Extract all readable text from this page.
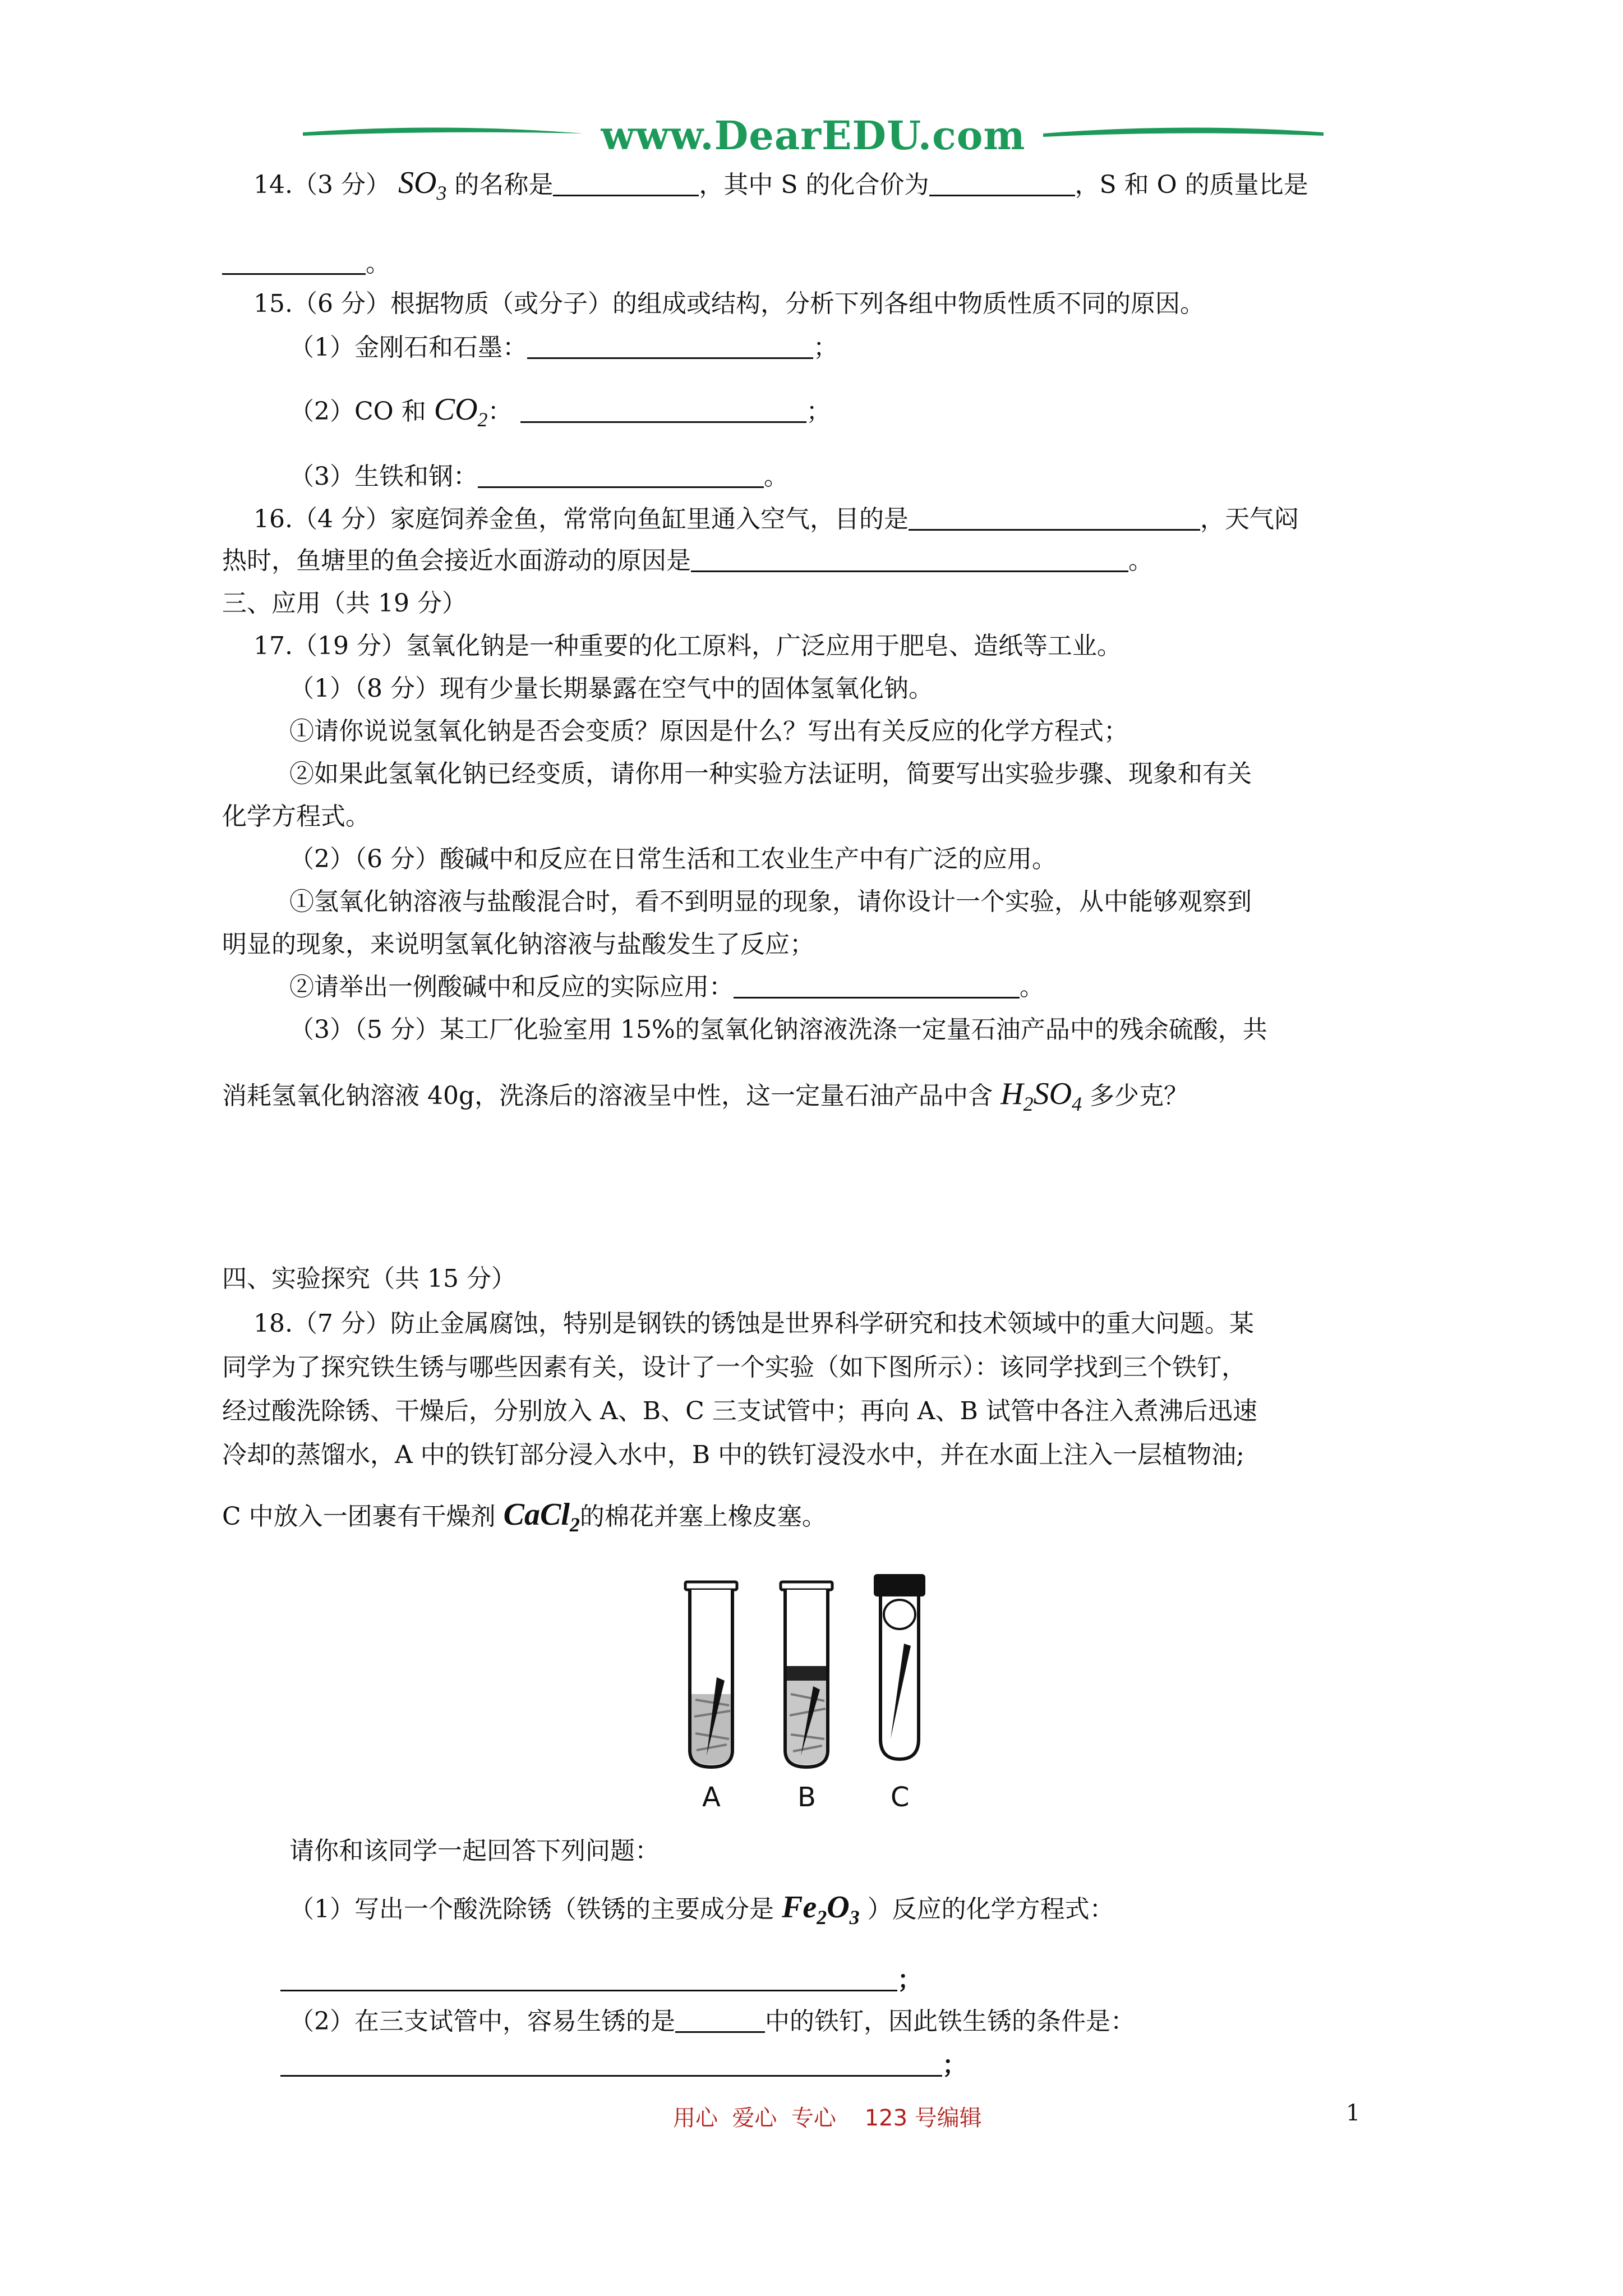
www.DearEDU.com
14.（3 分） $SO_3$ 的名称是	，其中 S 的化合价为	，S 和 O 的质量比是
。
15.（6 分）根据物质（或分子）的组成或结构，分析下列各组中物质性质不同的原因。
（1）金刚石和石墨：	；
（2）CO 和 $CO_2$：	；
（3）生铁和钢：	。
16.（4 分）家庭饲养金鱼，常常向鱼缸里通入空气，目的是	，天气闷
热时，鱼塘里的鱼会接近水面游动的原因是	。
三、应用（共 19 分）
17.（19 分）氢氧化钠是一种重要的化工原料，广泛应用于肥皂、造纸等工业。
（1）（8 分）现有少量长期暴露在空气中的固体氢氧化钠。
①请你说说氢氧化钠是否会变质？原因是什么？写出有关反应的化学方程式；
②如果此氢氧化钠已经变质，请你用一种实验方法证明，简要写出实验步骤、现象和有关
化学方程式。
（2）（6 分）酸碱中和反应在日常生活和工农业生产中有广泛的应用。
①氢氧化钠溶液与盐酸混合时，看不到明显的现象，请你设计一个实验，从中能够观察到
明显的现象，来说明氢氧化钠溶液与盐酸发生了反应；
②请举出一例酸碱中和反应的实际应用：	。
（3）（5 分）某工厂化验室用 15%的氢氧化钠溶液洗涤一定量石油产品中的残余硫酸，共
消耗氢氧化钠溶液 40g，洗涤后的溶液呈中性，这一定量石油产品中含 $H_2SO_4$ 多少克？
四、实验探究（共 15 分）
18.（7 分）防止金属腐蚀，特别是钢铁的锈蚀是世界科学研究和技术领域中的重大问题。某
同学为了探究铁生锈与哪些因素有关，设计了一个实验（如下图所示）：该同学找到三个铁钉，
经过酸洗除锈、干燥后，分别放入 A、B、C 三支试管中；再向 A、B 试管中各注入煮沸后迅速
冷却的蒸馏水，A 中的铁钉部分浸入水中，B 中的铁钉浸没水中，并在水面上注入一层植物油;
C 中放入一团裹有干燥剂 CaCl$_2$的棉花并塞上橡皮塞。
A	B	C
请你和该同学一起回答下列问题：
（1）写出一个酸洗除锈（铁锈的主要成分是 $Fe_2O_3$ ）反应的化学方程式：
；
（2）在三支试管中，容易生锈的是	中的铁钉，因此铁生锈的条件是：
；
用心  爱心  专心    123 号编辑	1
